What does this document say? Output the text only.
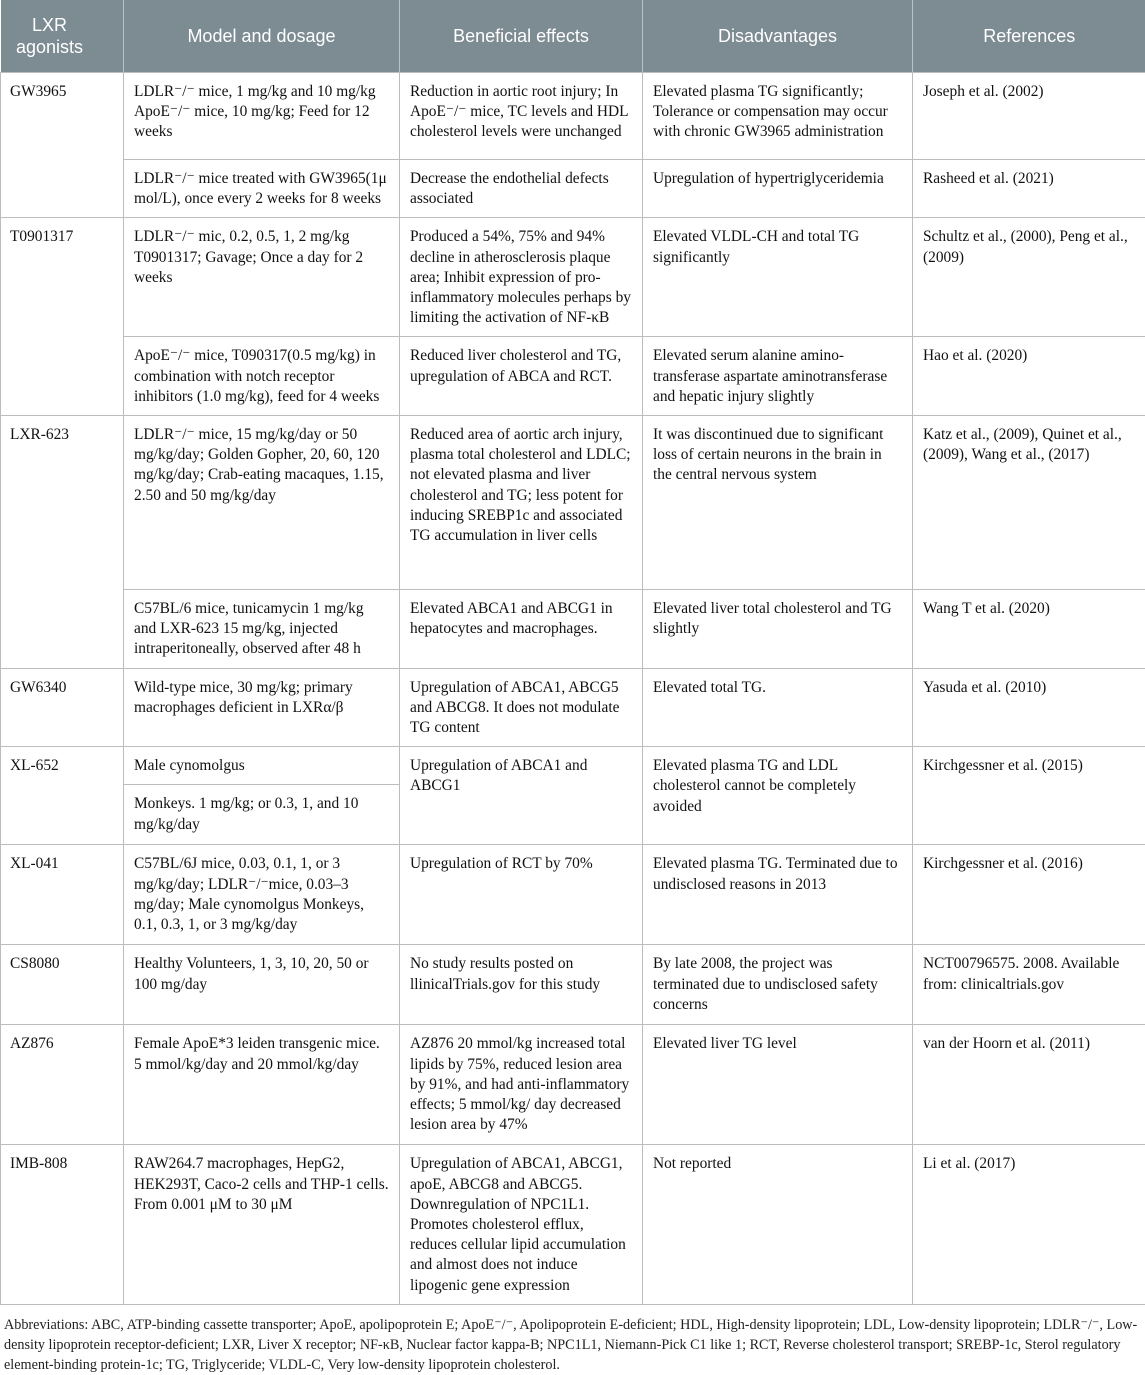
LXR agonists	Model and dosage	Beneficial effects	Disadvantages	References
GW3965	LDLR⁻/⁻ mice, 1 mg/kg and 10 mg/kg ApoE⁻/⁻ mice, 10 mg/kg; Feed for 12 weeks	Reduction in aortic root injury; In ApoE⁻/⁻ mice, TC levels and HDL cholesterol levels were unchanged	Elevated plasma TG significantly; Tolerance or compensation may occur with chronic GW3965 administration	Joseph et al. (2002)
	LDLR⁻/⁻ mice treated with GW3965(1μ mol/L), once every 2 weeks for 8 weeks	Decrease the endothelial defects associated	Upregulation of hypertriglyceridemia	Rasheed et al. (2021)
T0901317	LDLR⁻/⁻ mic, 0.2, 0.5, 1, 2 mg/kg T0901317; Gavage; Once a day for 2 weeks	Produced a 54%, 75% and 94% decline in atherosclerosis plaque area; Inhibit expression of pro-inflammatory molecules perhaps by limiting the activation of NF-κB	Elevated VLDL-CH and total TG significantly	Schultz et al., (2000), Peng et al., (2009)
	ApoE⁻/⁻ mice, T090317(0.5 mg/kg) in combination with notch receptor inhibitors (1.0 mg/kg), feed for 4 weeks	Reduced liver cholesterol and TG, upregulation of ABCA and RCT.	Elevated serum alanine amino-transferase aspartate aminotransferase and hepatic injury slightly	Hao et al. (2020)
LXR-623	LDLR⁻/⁻ mice, 15 mg/kg/day or 50 mg/kg/day; Golden Gopher, 20, 60, 120 mg/kg/day; Crab-eating macaques, 1.15, 2.50 and 50 mg/kg/day	Reduced area of aortic arch injury, plasma total cholesterol and LDLC; not elevated plasma and liver cholesterol and TG; less potent for inducing SREBP1c and associated TG accumulation in liver cells	It was discontinued due to significant loss of certain neurons in the brain in the central nervous system	Katz et al., (2009), Quinet et al., (2009), Wang et al., (2017)
	C57BL/6 mice, tunicamycin 1 mg/kg and LXR-623 15 mg/kg, injected intraperitoneally, observed after 48 h	Elevated ABCA1 and ABCG1 in hepatocytes and macrophages.	Elevated liver total cholesterol and TG slightly	Wang T et al. (2020)
GW6340	Wild-type mice, 30 mg/kg; primary macrophages deficient in LXRα/β	Upregulation of ABCA1, ABCG5 and ABCG8. It does not modulate TG content	Elevated total TG.	Yasuda et al. (2010)
XL-652	Male cynomolgus	Upregulation of ABCA1 and ABCG1	Elevated plasma TG and LDL cholesterol cannot be completely avoided	Kirchgessner et al. (2015)
	Monkeys. 1 mg/kg; or 0.3, 1, and 10 mg/kg/day			
XL-041	C57BL/6J mice, 0.03, 0.1, 1, or 3 mg/kg/day; LDLR⁻/⁻mice, 0.03–3 mg/day; Male cynomolgus Monkeys, 0.1, 0.3, 1, or 3 mg/kg/day	Upregulation of RCT by 70%	Elevated plasma TG. Terminated due to undisclosed reasons in 2013	Kirchgessner et al. (2016)
CS8080	Healthy Volunteers, 1, 3, 10, 20, 50 or 100 mg/day	No study results posted on llinicalTrials.gov for this study	By late 2008, the project was terminated due to undisclosed safety concerns	NCT00796575. 2008. Available from: clinicaltrials.gov
AZ876	Female ApoE*3 leiden transgenic mice. 5 mmol/kg/day and 20 mmol/kg/day	AZ876 20 mmol/kg increased total lipids by 75%, reduced lesion area by 91%, and had anti-inflammatory effects; 5 mmol/kg/ day decreased lesion area by 47%	Elevated liver TG level	van der Hoorn et al. (2011)
IMB-808	RAW264.7 macrophages, HepG2, HEK293T, Caco-2 cells and THP-1 cells. From 0.001 μM to 30 μM	Upregulation of ABCA1, ABCG1, apoE, ABCG8 and ABCG5. Downregulation of NPC1L1. Promotes cholesterol efflux, reduces cellular lipid accumulation and almost does not induce lipogenic gene expression	Not reported	Li et al. (2017)
Abbreviations: ABC, ATP-binding cassette transporter; ApoE, apolipoprotein E; ApoE⁻/⁻, Apolipoprotein E-deficient; HDL, High-density lipoprotein; LDL, Low-density lipoprotein; LDLR⁻/⁻, Low-density lipoprotein receptor-deficient; LXR, Liver X receptor; NF-κB, Nuclear factor kappa-B; NPC1L1, Niemann-Pick C1 like 1; RCT, Reverse cholesterol transport; SREBP-1c, Sterol regulatory element-binding protein-1c; TG, Triglyceride; VLDL-C, Very low-density lipoprotein cholesterol.
